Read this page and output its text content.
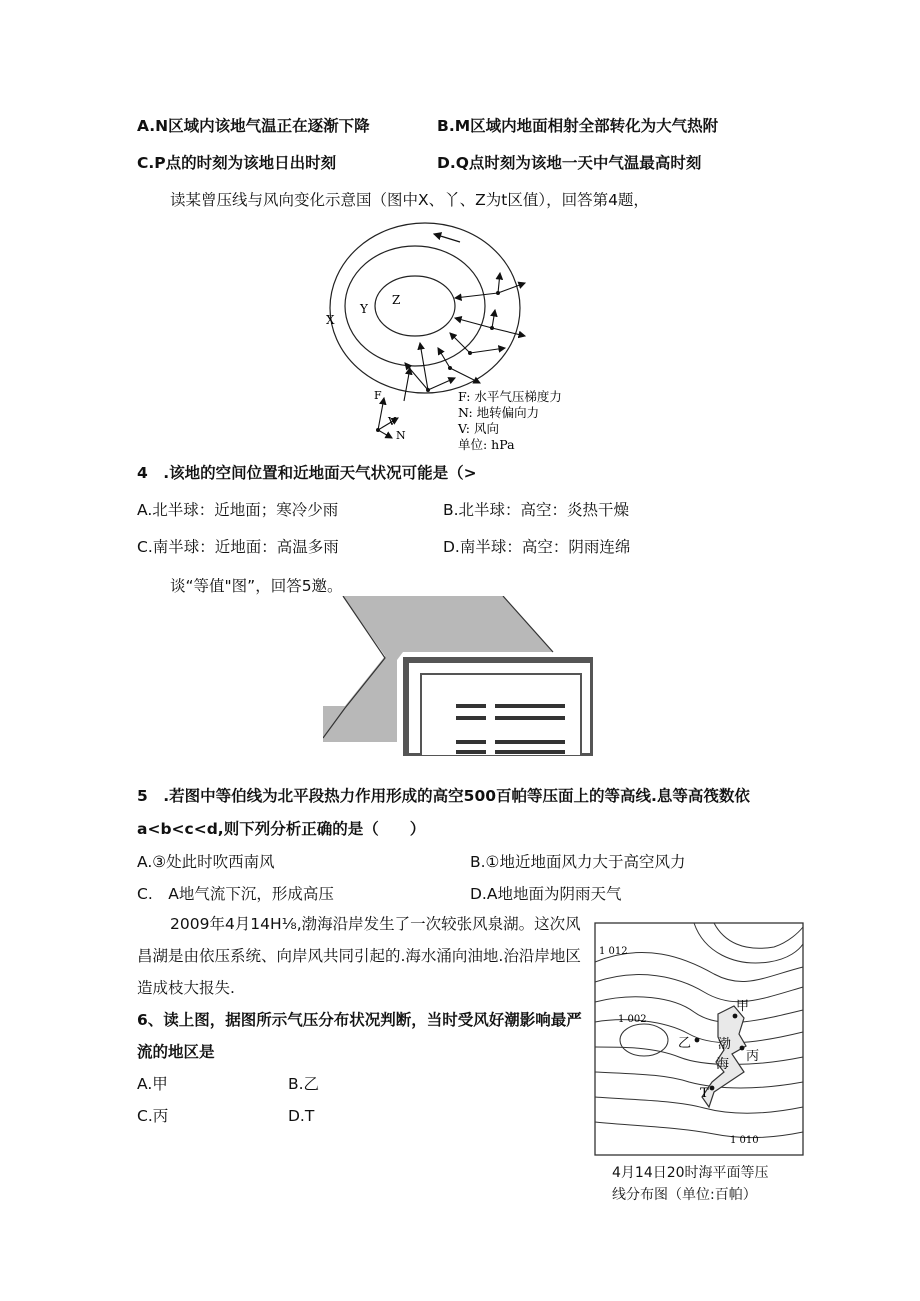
A.N区域内该地气温正在逐渐下降	B.M区域内地面相射全部转化为大气热附
C.P点的时刻为该地日出时刻	D.Q点时刻为该地一天中气温最高时刻
读某曾压线与风向变化示意国（图中X、丫、Z为t区值），回答第4题，
X
Y
Z
F
V
N
F: 水平气压梯度力
N: 地转偏向力
V: 风向
单位: hPa
4 .该地的空间位置和近地面天气状况可能是（>
A.北半球：近地面；寒冷少雨	B.北半球：高空：炎热干燥
C.南半球：近地面：高温多雨	D.南半球：高空：阴雨连绵
谈“等值"图”，回答5邀。
5 .若图中等伯线为北平段热力作用形成的高空500百帕等压面上的等高线.息等高筏数依
a<b<c<d,则下列分析正确的是（  ）
A.③处此时吹西南风	B.①地近地面风力大于高空风力
C. A地气流下沉，形成高压	D.A地地面为阴雨天气
2009年4月14H⅛,渤海沿岸发生了一次较张风泉湖。这次风
昌湖是由依压系统、向岸风共同引起的.海水涌向油地.治沿岸地区
造成枝大报失.
6、读上图，据图所示气压分布状况判断，当时受风好潮影响最严
流的地区是
A.甲	B.乙
C.丙	D.T
1 012
1 002
1 010
甲
乙
丙
T
渤
海
4月14日20时海平面等压
线分布图（单位:百帕）
